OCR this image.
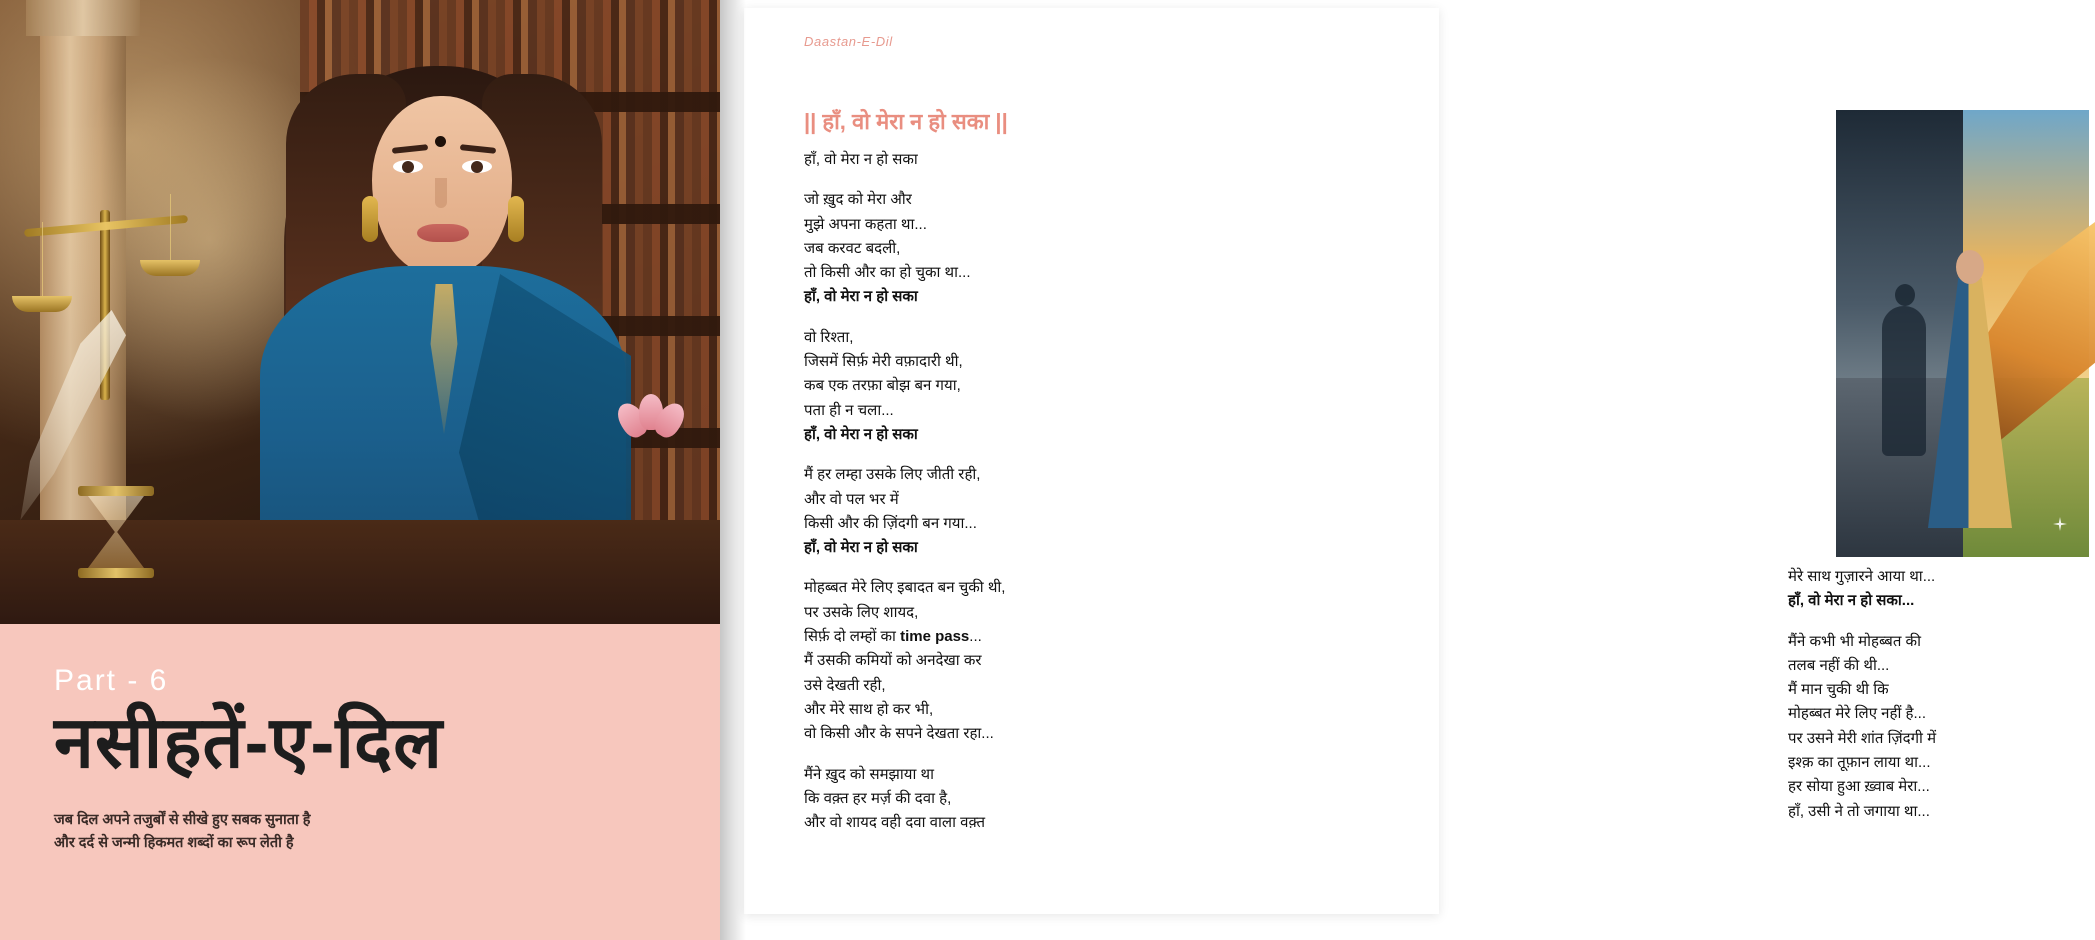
Part - 6
नसीहतें-ए-दिल
जब दिल अपने तजुर्बों से सीखे हुए सबक सुनाता है
और दर्द से जन्मी हिकमत शब्दों का रूप लेती है
Daastan-E-Dil
|| हाँ, वो मेरा न हो सका ||
हाँ, वो मेरा न हो सका
जो ख़ुद को मेरा और
मुझे अपना कहता था...
जब करवट बदली,
तो किसी और का हो चुका था...
हाँ, वो मेरा न हो सका
वो रिश्ता,
जिसमें सिर्फ़ मेरी वफ़ादारी थी,
कब एक तरफ़ा बोझ बन गया,
पता ही न चला...
हाँ, वो मेरा न हो सका
मैं हर लम्हा उसके लिए जीती रही,
और वो पल भर में
किसी और की ज़िंदगी बन गया...
हाँ, वो मेरा न हो सका
मोहब्बत मेरे लिए इबादत बन चुकी थी,
पर उसके लिए शायद,
सिर्फ़ दो लम्हों का time pass...
मैं उसकी कमियों को अनदेखा कर
उसे देखती रही,
और मेरे साथ हो कर भी,
वो किसी और के सपने देखता रहा...
मैंने ख़ुद को समझाया था
कि वक़्त हर मर्ज़ की दवा है,
और वो शायद वही दवा वाला वक़्त
मेरे साथ गुज़ारने आया था...
हाँ, वो मेरा न हो सका...
मैंने कभी भी मोहब्बत की
तलब नहीं की थी...
मैं मान चुकी थी कि
मोहब्बत मेरे लिए नहीं है...
पर उसने मेरी शांत ज़िंदगी में
इश्क़ का तूफ़ान लाया था...
हर सोया हुआ ख़्वाब मेरा...
हाँ, उसी ने तो जगाया था...
